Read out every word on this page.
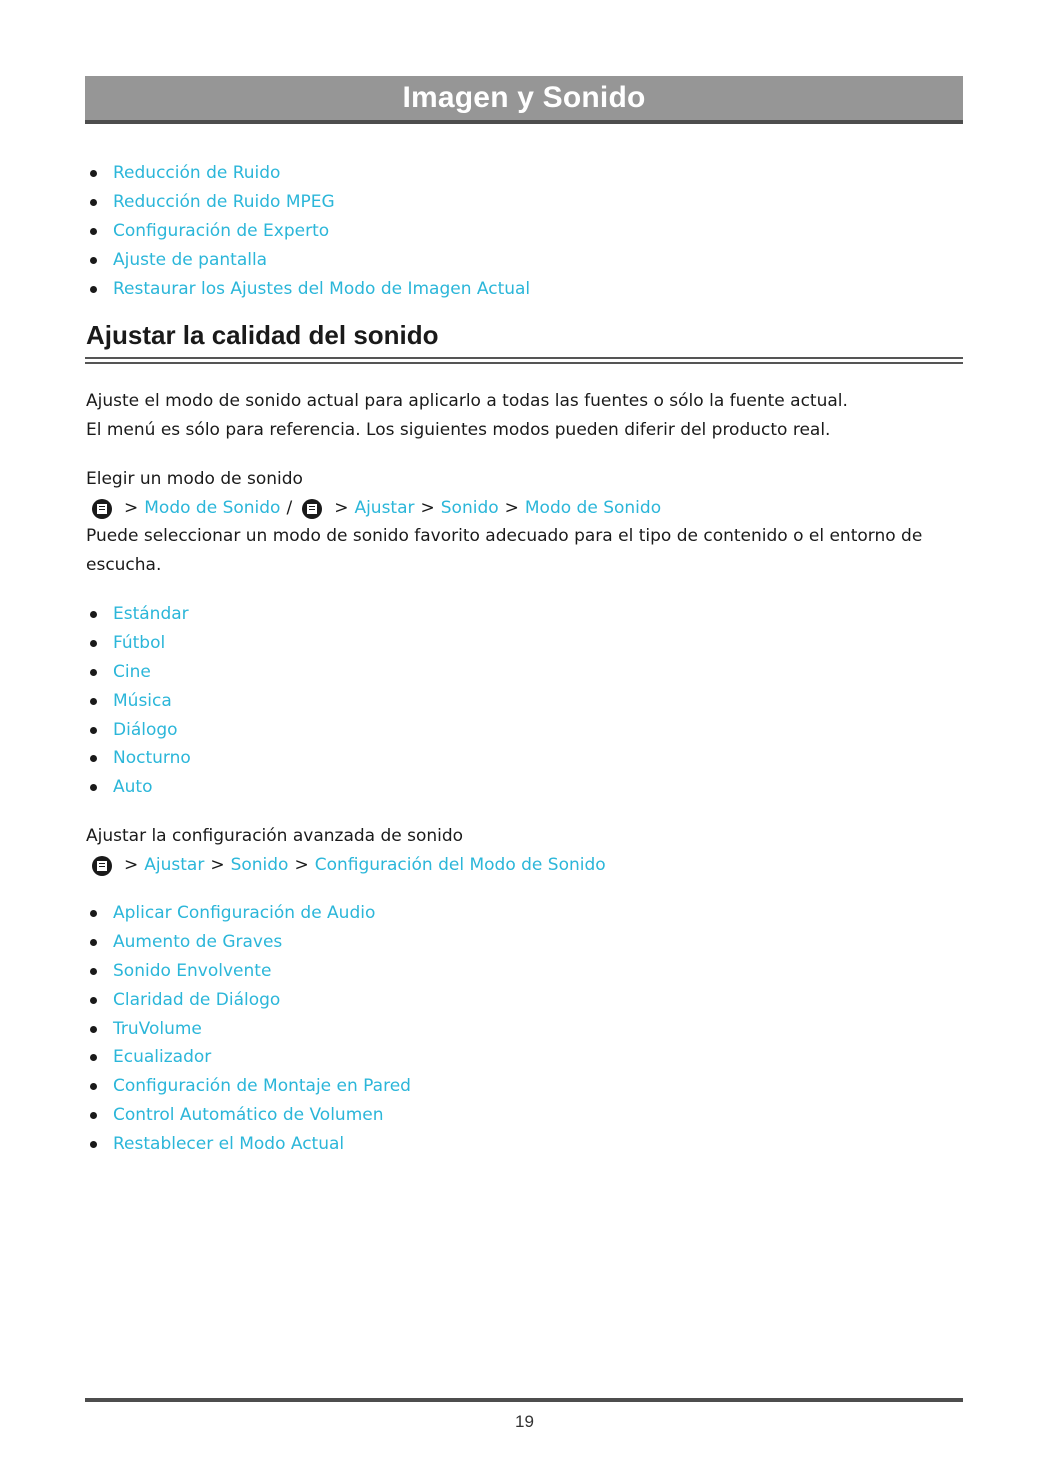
Imagen y Sonido
Reducción de Ruido
Reducción de Ruido MPEG
Configuración de Experto
Ajuste de pantalla
Restaurar los Ajustes del Modo de Imagen Actual
Ajustar la calidad del sonido

Ajuste el modo de sonido actual para aplicarlo a todas las fuentes o sólo la fuente actual.

El menú es sólo para referencia. Los siguientes modos pueden diferir del producto real.

Elegir un modo de sonido

> Modo de Sonido / > Ajustar > Sonido > Modo de Sonido

Puede seleccionar un modo de sonido favorito adecuado para el tipo de contenido o el entorno de

escucha.

Estándar
Fútbol
Cine
Música
Diálogo
Nocturno
Auto

Ajustar la configuración avanzada de sonido

> Ajustar > Sonido > Configuración del Modo de Sonido
Aplicar Configuración de Audio
Aumento de Graves
Sonido Envolvente
Claridad de Diálogo
TruVolume
Ecualizador
Configuración de Montaje en Pared
Control Automático de Volumen
Restablecer el Modo Actual
19
